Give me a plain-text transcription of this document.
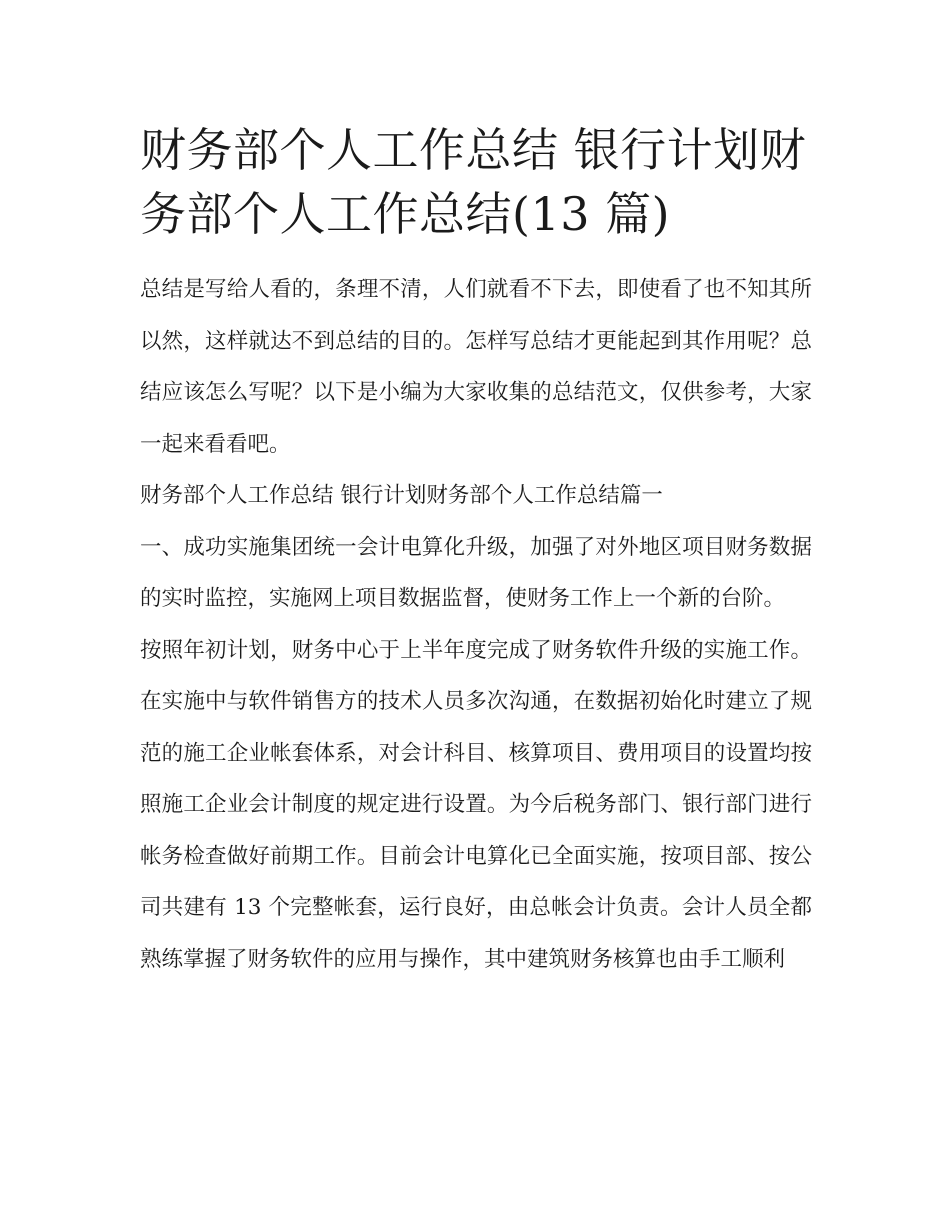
财务部个人工作总结 银行计划财务部个人工作总结(13 篇)

总结是写给人看的，条理不清，人们就看不下去，即使看了也不知其所以然，这样就达不到总结的目的。怎样写总结才更能起到其作用呢？总结应该怎么写呢？以下是小编为大家收集的总结范文，仅供参考，大家一起来看看吧。

财务部个人工作总结 银行计划财务部个人工作总结篇一

一、成功实施集团统一会计电算化升级，加强了对外地区项目财务数据的实时监控，实施网上项目数据监督，使财务工作上一个新的台阶。

按照年初计划，财务中心于上半年度完成了财务软件升级的实施工作。在实施中与软件销售方的技术人员多次沟通，在数据初始化时建立了规范的施工企业帐套体系，对会计科目、核算项目、费用项目的设置均按照施工企业会计制度的规定进行设置。为今后税务部门、银行部门进行帐务检查做好前期工作。目前会计电算化已全面实施，按项目部、按公司共建有 13 个完整帐套，运行良好，由总帐会计负责。会计人员全都熟练掌握了财务软件的应用与操作，其中建筑财务核算也由手工顺利
